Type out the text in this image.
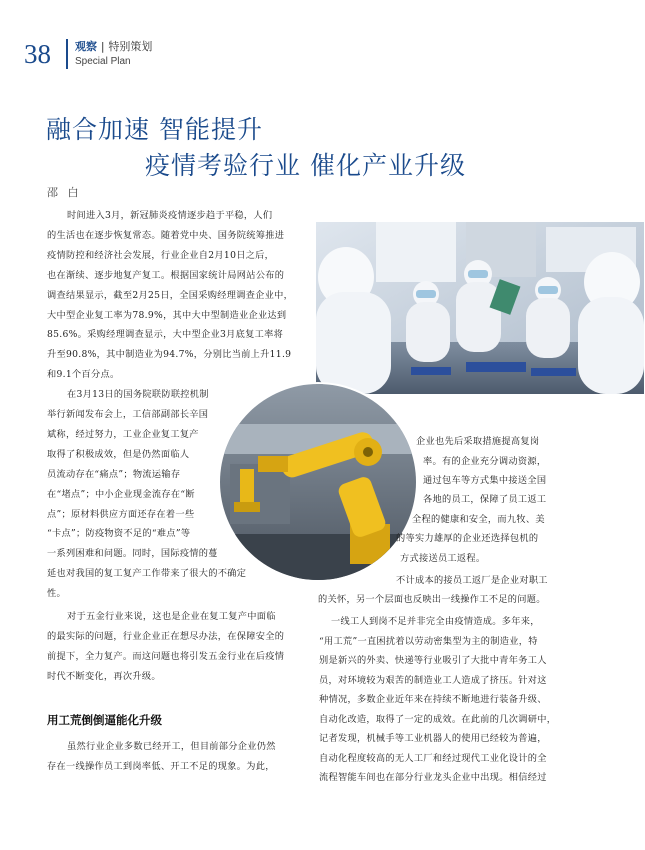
38	观察 | 特别策划
Special Plan
融合加速 智能提升
疫情考验行业 催化产业升级
邵 白
时间进入3月，新冠肺炎疫情逐步趋于平稳，人们
的生活也在逐步恢复常态。随着党中央、国务院统筹推进
疫情防控和经济社会发展，行业企业自2月10日之后，
也在渐续、逐步地复产复工。根据国家统计局网站公布的
调查结果显示，截至2月25日，全国采购经理调查企业中，
大中型企业复工率为78.9%，其中大中型制造业企业达到
85.6%。采购经理调查显示，大中型企业3月底复工率将
升至90.8%，其中制造业为94.7%，分别比当前上升11.9
和9.1个百分点。
在3月13日的国务院联防联控机制
举行新闻发布会上，工信部副部长辛国
斌称，经过努力，工业企业复工复产
取得了积极成效，但是仍然面临人
员流动存在“痛点”；物流运输存
在“堵点”；中小企业现金流存在“断
点”；原材料供应方面还存在着一些
“卡点”；防疫物资不足的“难点”等
一系列困难和问题。同时，国际疫情的蔓
延也对我国的复工复产工作带来了很大的不确定
性。
对于五金行业来说，这也是企业在复工复产中面临
的最实际的问题，行业企业正在想尽办法，在保障安全的
前提下，全力复产。而这问题也将引发五金行业在后疫情
时代不断变化，再次升级。
用工荒倒倒逼能化升级
虽然行业企业多数已经开工，但目前部分企业仍然
存在一线操作员工到岗率低、开工不足的现象。为此，
企业也先后采取措施提高复岗
率。有的企业充分调动资源，
通过包车等方式集中接送全国
各地的员工，保障了员工返工
全程的健康和安全，而九牧、美
的等实力雄厚的企业还选择包机的
方式接送员工返程。
不计成本的接员工返厂是企业对职工
的关怀，另一个层面也反映出一线操作工不足的问题。
一线工人到岗不足并非完全由疫情造成。多年来，
“用工荒”一直困扰着以劳动密集型为主的制造业，特
别是新兴的外卖、快递等行业吸引了大批中青年务工人
员，对环境较为艰苦的制造业工人造成了挤压。针对这
种情况，多数企业近年来在持续不断地进行装备升级、
自动化改造，取得了一定的成效。在此前的几次调研中，
记者发现，机械手等工业机器人的使用已经较为普遍，
自动化程度较高的无人工厂和经过现代工业化设计的全
流程智能车间也在部分行业龙头企业中出现。相信经过
